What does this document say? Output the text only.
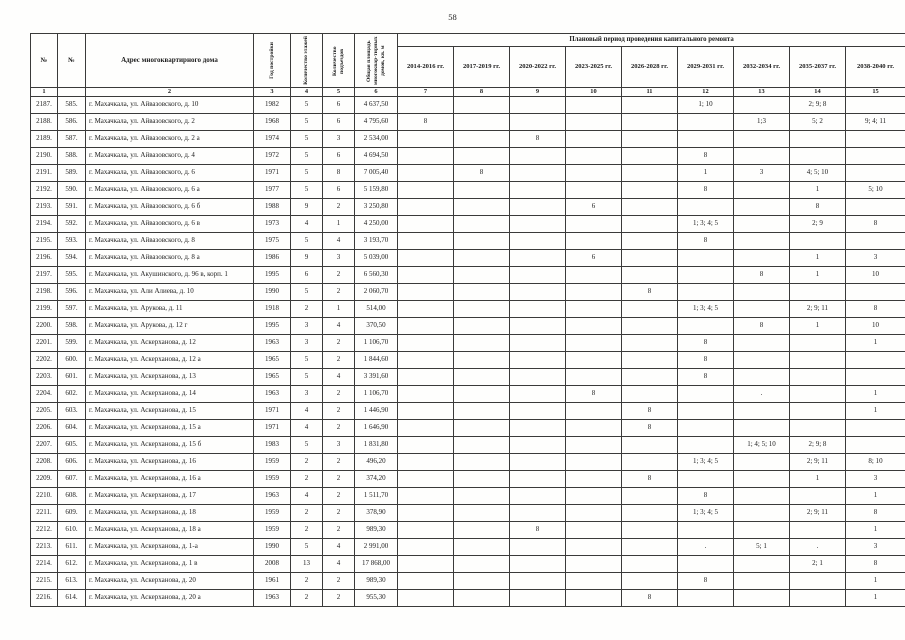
58
№	№	Адрес многоквартирного дома	Год постройки	Количество этажей	Количество подъездов	Общая площадь многоквар-тирных домов, кв. м	Плановый период проведения капитального ремонта								
							2014-2016 гг.	2017-2019 гг.	2020-2022 гг.	2023-2025 гг.	2026-2028 гг.	2029-2031 гг.	2032-2034 гг.	2035-2037 гг.	2038-2040 гг.
1		2	3	4	5	6	7	8	9	10	11	12	13	14	15
2187.	585.	г. Махачкала, ул. Айвазовского, д. 10	1982	5	6	4 637,50						1; 10		2; 9; 8	
2188.	586.	г. Махачкала, ул. Айвазовского, д. 2	1968	5	6	4 795,60	8						1;3	5; 2	9; 4; 11
2189.	587.	г. Махачкала, ул. Айвазовского, д. 2 а	1974	5	3	2 534,00			8						
2190.	588.	г. Махачкала, ул. Айвазовского, д. 4	1972	5	6	4 694,50						8			
2191.	589.	г. Махачкала, ул. Айвазовского, д. 6	1971	5	8	7 005,40		8				1	3	4; 5; 10	
2192.	590.	г. Махачкала, ул. Айвазовского, д. 6 а	1977	5	6	5 159,80						8		1	5; 10
2193.	591.	г. Махачкала, ул. Айвазовского, д. 6 б	1988	9	2	3 250,80				6				8	
2194.	592.	г. Махачкала, ул. Айвазовского, д. 6 в	1973	4	1	4 250,00						1; 3; 4; 5		2; 9	8
2195.	593.	г. Махачкала, ул. Айвазовского, д. 8	1975	5	4	3 193,70						8			
2196.	594.	г. Махачкала, ул. Айвазовского, д. 8 а	1986	9	3	5 039,00				6				1	3
2197.	595.	г. Махачкала, ул. Акушинского, д. 96 в, корп. 1	1995	6	2	6 560,30							8	1	10
2198.	596.	г. Махачкала, ул. Али Алиева, д. 10	1990	5	2	2 060,70					8				
2199.	597.	г. Махачкала, ул. Арукова, д. 11	1918	2	1	514,00						1; 3; 4; 5		2; 9; 11	8
2200.	598.	г. Махачкала, ул. Арукова, д. 12 г	1995	3	4	370,50							8	1	10
2201.	599.	г. Махачкала, ул. Аскерханова, д. 12	1963	3	2	1 106,70						8			1
2202.	600.	г. Махачкала, ул. Аскерханова, д. 12 а	1965	5	2	1 844,60						8			
2203.	601.	г. Махачкала, ул. Аскерханова, д. 13	1965	5	4	3 391,60						8			
2204.	602.	г. Махачкала, ул. Аскерханова, д. 14	1963	3	2	1 106,70				8			.		1
2205.	603.	г. Махачкала, ул. Аскерханова, д. 15	1971	4	2	1 446,90					8				1
2206.	604.	г. Махачкала, ул. Аскерханова, д. 15 а	1971	4	2	1 646,90					8				
2207.	605.	г. Махачкала, ул. Аскерханова, д. 15 б	1983	5	3	1 831,80							1; 4; 5; 10	2; 9; 8	
2208.	606.	г. Махачкала, ул. Аскерханова, д. 16	1959	2	2	496,20						1; 3; 4; 5		2; 9; 11	8; 10
2209.	607.	г. Махачкала, ул. Аскерханова, д. 16 а	1959	2	2	374,20					8			1	3
2210.	608.	г. Махачкала, ул. Аскерханова, д. 17	1963	4	2	1 511,70						8			1
2211.	609.	г. Махачкала, ул. Аскерханова, д. 18	1959	2	2	378,90						1; 3; 4; 5		2; 9; 11	8
2212.	610.	г. Махачкала, ул. Аскерханова, д. 18 а	1959	2	2	989,30			8						1
2213.	611.	г. Махачкала, ул. Аскерханова, д. 1-а	1990	5	4	2 991,00						.	5; 1	.	3
2214.	612.	г. Махачкала, ул. Аскерханова, д. 1 в	2008	13	4	17 868,00								2; 1	8
2215.	613.	г. Махачкала, ул. Аскерханова, д. 20	1961	2	2	989,30						8			1
2216.	614.	г. Махачкала, ул. Аскерханова, д. 20 а	1963	2	2	955,30					8				1
